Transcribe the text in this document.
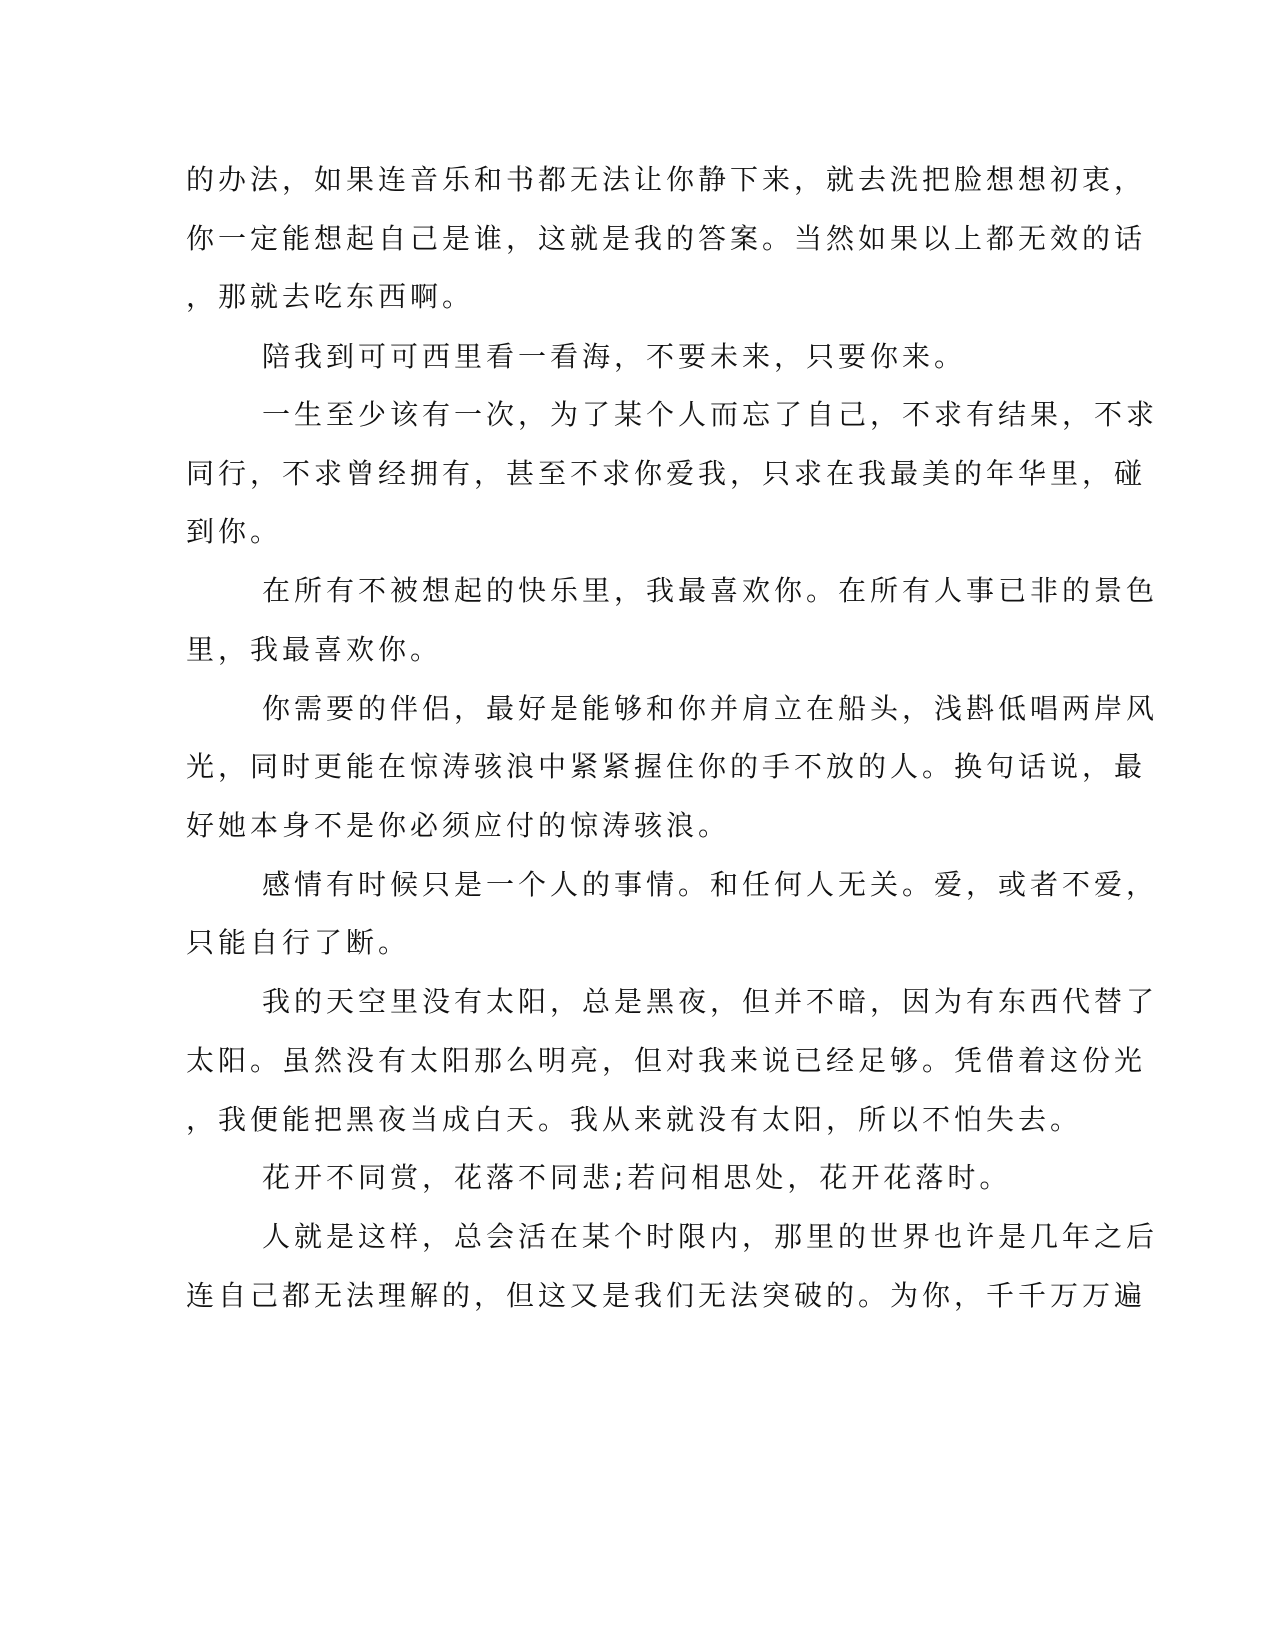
的办法，如果连音乐和书都无法让你静下来，就去洗把脸想想初衷，
你一定能想起自己是谁，这就是我的答案。当然如果以上都无效的话
，那就去吃东西啊。
陪我到可可西里看一看海，不要未来，只要你来。
一生至少该有一次，为了某个人而忘了自己，不求有结果，不求
同行，不求曾经拥有，甚至不求你爱我，只求在我最美的年华里，碰
到你。
在所有不被想起的快乐里，我最喜欢你。在所有人事已非的景色
里，我最喜欢你。
你需要的伴侣，最好是能够和你并肩立在船头，浅斟低唱两岸风
光，同时更能在惊涛骇浪中紧紧握住你的手不放的人。换句话说，最
好她本身不是你必须应付的惊涛骇浪。
感情有时候只是一个人的事情。和任何人无关。爱，或者不爱，
只能自行了断。
我的天空里没有太阳，总是黑夜，但并不暗，因为有东西代替了
太阳。虽然没有太阳那么明亮，但对我来说已经足够。凭借着这份光
，我便能把黑夜当成白天。我从来就没有太阳，所以不怕失去。
花开不同赏，花落不同悲;若问相思处，花开花落时。
人就是这样，总会活在某个时限内，那里的世界也许是几年之后
连自己都无法理解的，但这又是我们无法突破的。为你，千千万万遍
